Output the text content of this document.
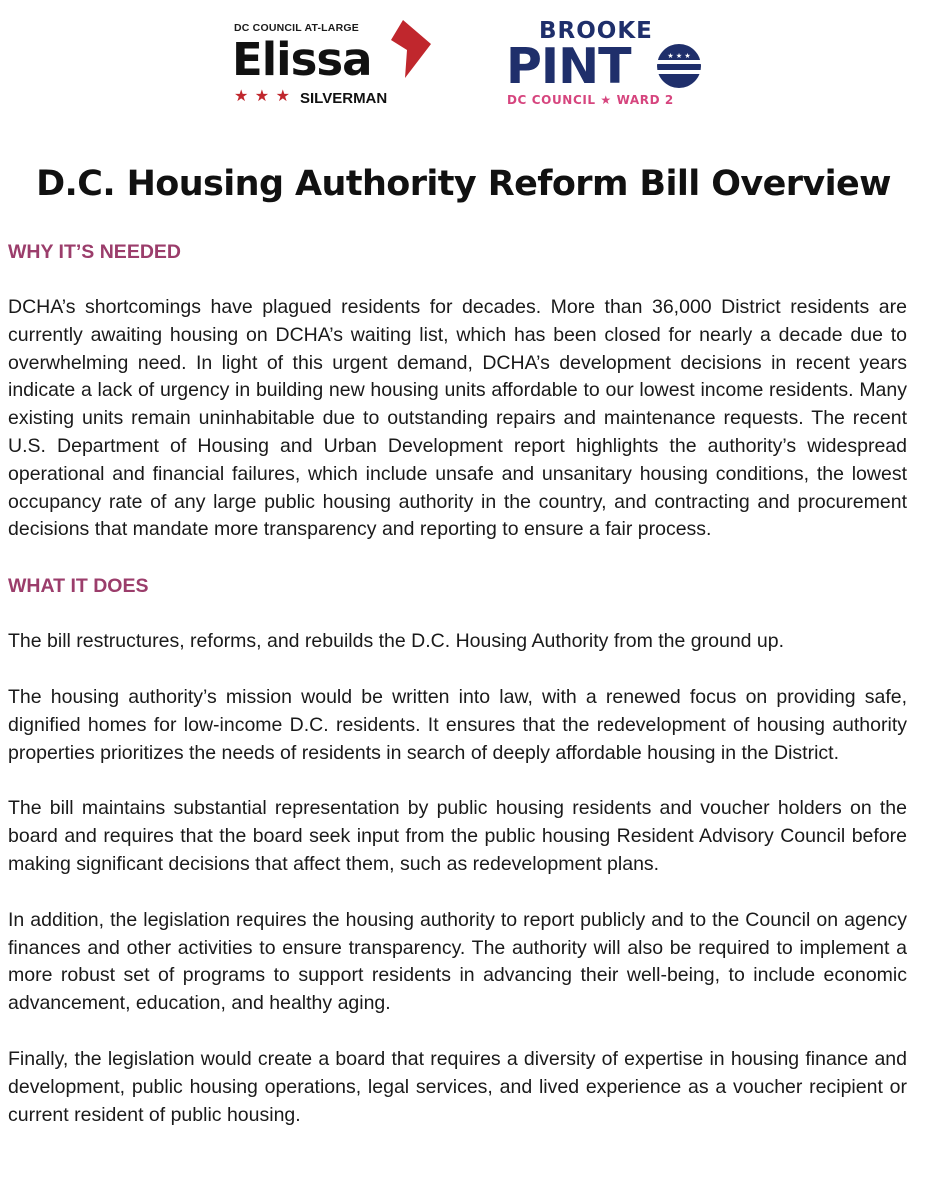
DC COUNCIL AT-LARGE
Elissa
★ ★ ★ SILVERMAN
BROOKE
PINT	★ ★ ★
DC COUNCIL ★ WARD 2
D.C. Housing Authority Reform Bill Overview
WHY IT’S NEEDED

DCHA’s shortcomings have plagued residents for decades. More than 36,000 District residents are currently awaiting housing on DCHA’s waiting list, which has been closed for nearly a decade due to overwhelming need. In light of this urgent demand, DCHA’s development decisions in recent years indicate a lack of urgency in building new housing units affordable to our lowest income residents. Many existing units remain uninhabitable due to outstanding repairs and maintenance requests. The recent U.S. Department of Housing and Urban Development report highlights the authority’s widespread operational and financial failures, which include unsafe and unsanitary housing conditions, the lowest occupancy rate of any large public housing authority in the country, and contracting and procurement decisions that mandate more transparency and reporting to ensure a fair process.

WHAT IT DOES

The bill restructures, reforms, and rebuilds the D.C. Housing Authority from the ground up.

The housing authority’s mission would be written into law, with a renewed focus on providing safe, dignified homes for low-income D.C. residents. It ensures that the redevelopment of housing authority properties prioritizes the needs of residents in search of deeply affordable housing in the District.

The bill maintains substantial representation by public housing residents and voucher holders on the board and requires that the board seek input from the public housing Resident Advisory Council before making significant decisions that affect them, such as redevelopment plans.

In addition, the legislation requires the housing authority to report publicly and to the Council on agency finances and other activities to ensure transparency. The authority will also be required to implement a more robust set of programs to support residents in advancing their well-being, to include economic advancement, education, and healthy aging.

Finally, the legislation would create a board that requires a diversity of expertise in housing finance and development, public housing operations, legal services, and lived experience as a voucher recipient or current resident of public housing.
